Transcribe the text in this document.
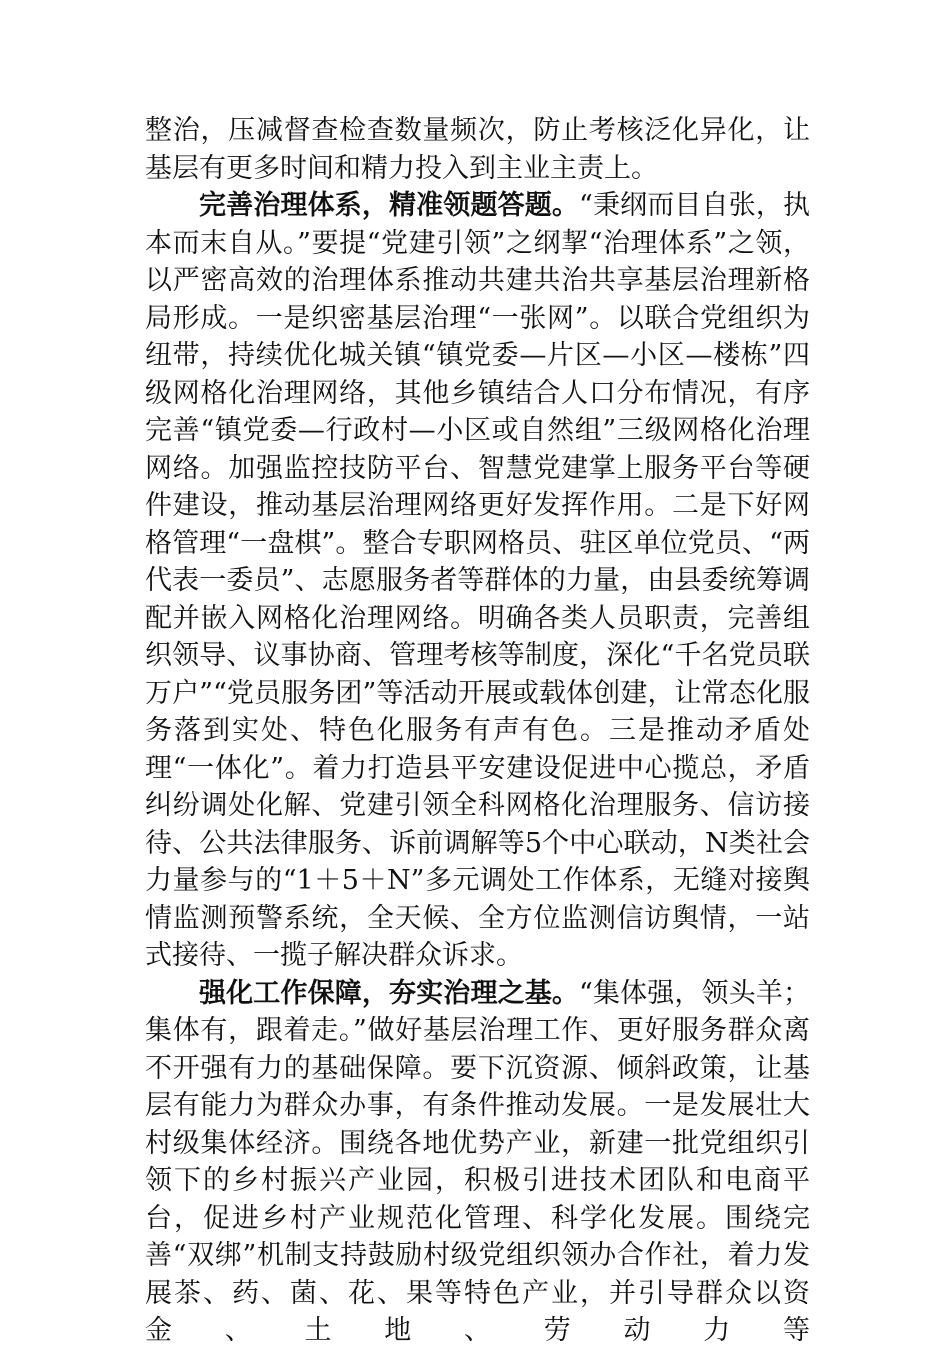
整治，压减督查检查数量频次，防止考核泛化异化，让基层有更多时间和精力投入到主业主责上。

完善治理体系，精准领题答题。“秉纲而目自张，执本而末自从。”要提“党建引领”之纲挈“治理体系”之领，以严密高效的治理体系推动共建共治共享基层治理新格局形成。一是织密基层治理“一张网”。以联合党组织为纽带，持续优化城关镇“镇党委—片区—小区—楼栋”四级网格化治理网络，其他乡镇结合人口分布情况，有序完善“镇党委—行政村—小区或自然组”三级网格化治理网络。加强监控技防平台、智慧党建掌上服务平台等硬件建设，推动基层治理网络更好发挥作用。二是下好网格管理“一盘棋”。整合专职网格员、驻区单位党员、“两代表一委员”、志愿服务者等群体的力量，由县委统筹调配并嵌入网格化治理网络。明确各类人员职责，完善组织领导、议事协商、管理考核等制度，深化“千名党员联万户”“党员服务团”等活动开展或载体创建，让常态化服务落到实处、特色化服务有声有色。三是推动矛盾处理“一体化”。着力打造县平安建设促进中心揽总，矛盾纠纷调处化解、党建引领全科网格化治理服务、信访接待、公共法律服务、诉前调解等5个中心联动，N类社会力量参与的“1＋5＋N”多元调处工作体系，无缝对接舆情监测预警系统，全天候、全方位监测信访舆情，一站式接待、一揽子解决群众诉求。

强化工作保障，夯实治理之基。“集体强，领头羊；集体有，跟着走。”做好基层治理工作、更好服务群众离不开强有力的基础保障。要下沉资源、倾斜政策，让基层有能力为群众办事，有条件推动发展。一是发展壮大村级集体经济。围绕各地优势产业，新建一批党组织引领下的乡村振兴产业园，积极引进技术团队和电商平台，促进乡村产业规范化管理、科学化发展。围绕完善“双绑”机制支持鼓励村级党组织领办合作社，着力发展茶、药、菌、花、果等特色产业，并引导群众以资金、土地、劳动力等
